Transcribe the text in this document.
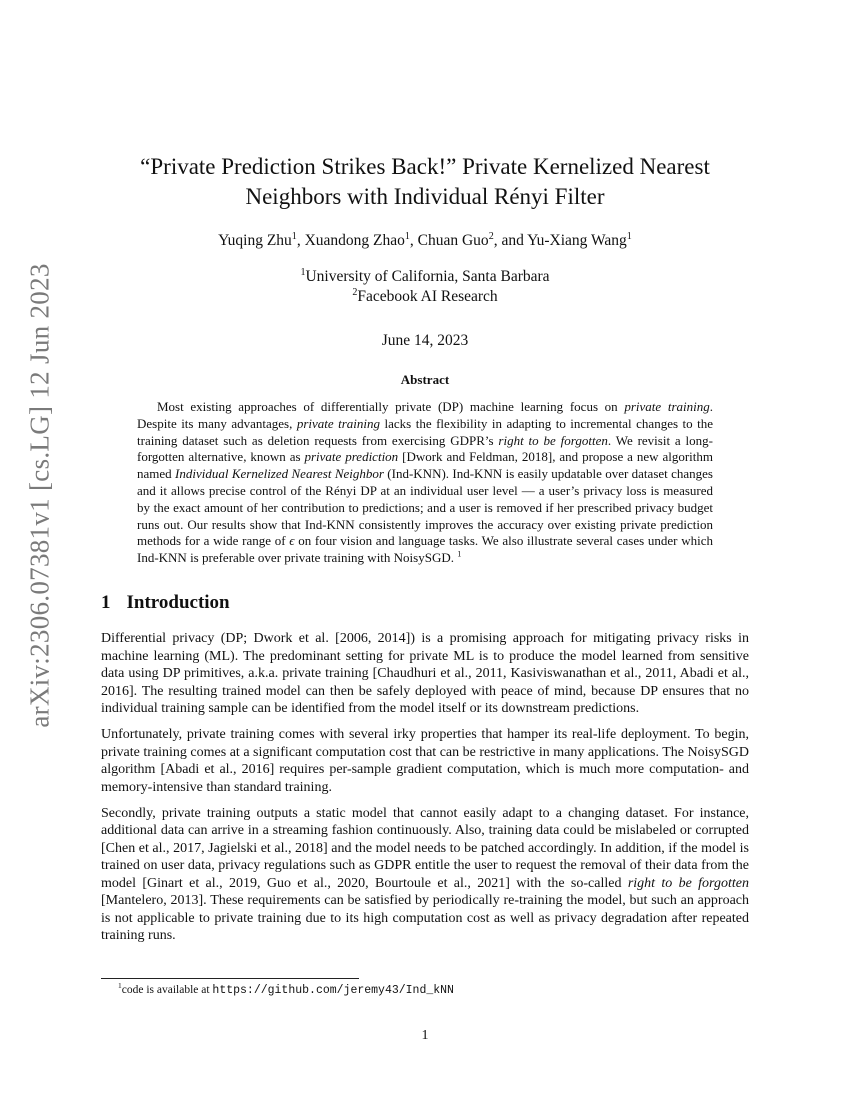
arXiv:2306.07381v1 [cs.LG] 12 Jun 2023
“Private Prediction Strikes Back!” Private Kernelized Nearest Neighbors with Individual Rényi Filter
Yuqing Zhu$^1$, Xuandong Zhao$^1$, Chuan Guo$^2$, and Yu-Xiang Wang$^1$
$^1$University of California, Santa Barbara
$^2$Facebook AI Research
June 14, 2023
Abstract

Most existing approaches of differentially private (DP) machine learning focus on private training. Despite its many advantages, private training lacks the flexibility in adapting to incremental changes to the training dataset such as deletion requests from exercising GDPR’s right to be forgotten. We revisit a long-forgotten alternative, known as private prediction [Dwork and Feldman, 2018], and propose a new algorithm named Individual Kernelized Nearest Neighbor (Ind-KNN). Ind-KNN is easily updatable over dataset changes and it allows precise control of the Rényi DP at an individual user level — a user’s privacy loss is measured by the exact amount of her contribution to predictions; and a user is removed if her prescribed privacy budget runs out. Our results show that Ind-KNN consistently improves the accuracy over existing private prediction methods for a wide range of ϵ on four vision and language tasks. We also illustrate several cases under which Ind-KNN is preferable over private training with NoisySGD. $^1$

1 Introduction

Differential privacy (DP; Dwork et al. [2006, 2014]) is a promising approach for mitigating privacy risks in machine learning (ML). The predominant setting for private ML is to produce the model learned from sensitive data using DP primitives, a.k.a. private training [Chaudhuri et al., 2011, Kasiviswanathan et al., 2011, Abadi et al., 2016]. The resulting trained model can then be safely deployed with peace of mind, because DP ensures that no individual training sample can be identified from the model itself or its downstream predictions.

Unfortunately, private training comes with several irky properties that hamper its real-life deployment. To begin, private training comes at a significant computation cost that can be restrictive in many applications. The NoisySGD algorithm [Abadi et al., 2016] requires per-sample gradient computation, which is much more computation- and memory-intensive than standard training.

Secondly, private training outputs a static model that cannot easily adapt to a changing dataset. For instance, additional data can arrive in a streaming fashion continuously. Also, training data could be mislabeled or corrupted [Chen et al., 2017, Jagielski et al., 2018] and the model needs to be patched accordingly. In addition, if the model is trained on user data, privacy regulations such as GDPR entitle the user to request the removal of their data from the model [Ginart et al., 2019, Guo et al., 2020, Bourtoule et al., 2021] with the so-called right to be forgotten [Mantelero, 2013]. These requirements can be satisfied by periodically re-training the model, but such an approach is not applicable to private training due to its high computation cost as well as privacy degradation after repeated training runs.

$^1$code is available at https://github.com/jeremy43/Ind_kNN
1
